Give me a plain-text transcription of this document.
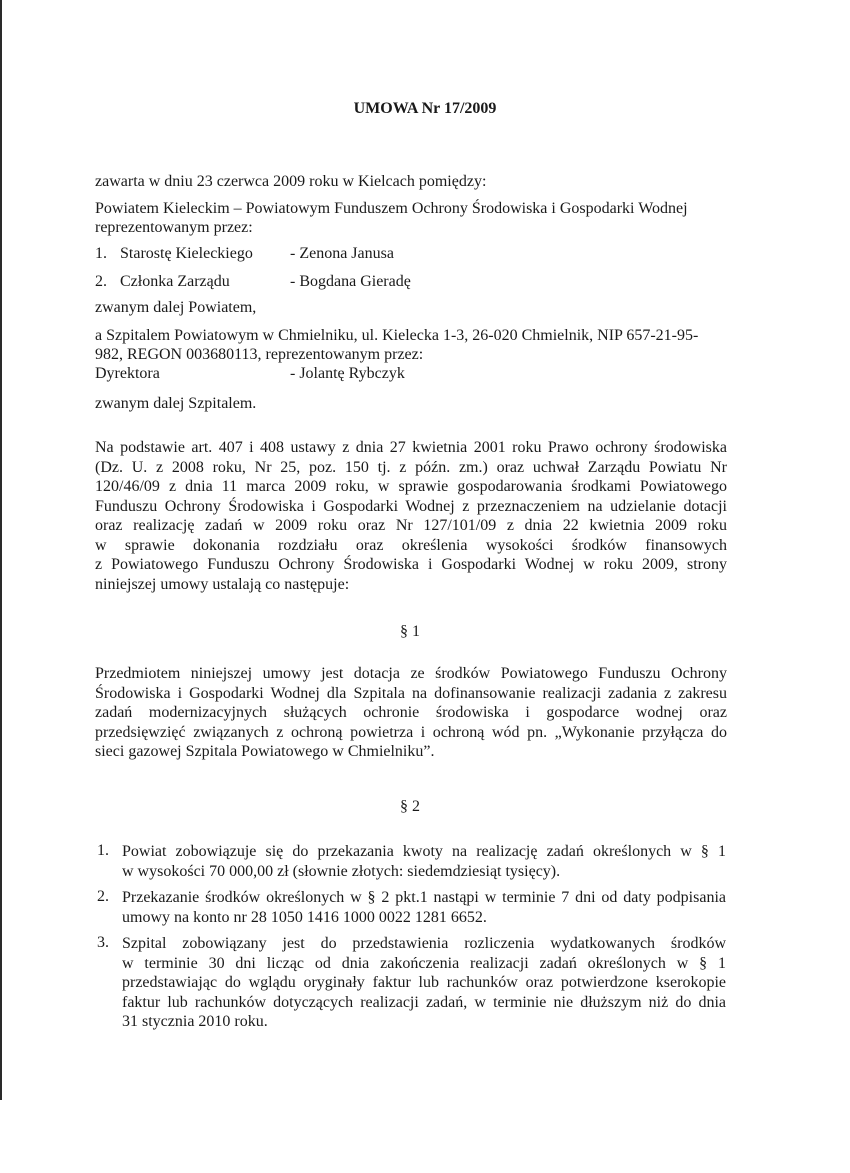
UMOWA Nr 17/2009
zawarta w dniu 23 czerwca 2009 roku w Kielcach pomiędzy:
Powiatem Kieleckim – Powiatowym Funduszem Ochrony Środowiska i Gospodarki Wodnej
reprezentowanym przez:
1. Starostę Kieleckiego - Zenona Janusa
2. Członka Zarządu	- Bogdana Gieradę
zwanym dalej Powiatem,
a Szpitalem Powiatowym w Chmielniku, ul. Kielecka 1-3, 26-020 Chmielnik, NIP 657-21-95-
982, REGON 003680113, reprezentowanym przez:
Dyrektora	- Jolantę Rybczyk
zwanym dalej Szpitalem.
Na podstawie art. 407 i 408 ustawy z dnia 27 kwietnia 2001 roku Prawo ochrony środowiska
(Dz. U. z 2008 roku, Nr 25, poz. 150 tj. z późn. zm.) oraz uchwał Zarządu Powiatu Nr
120/46/09 z dnia 11 marca 2009 roku, w sprawie gospodarowania środkami Powiatowego
Funduszu Ochrony Środowiska i Gospodarki Wodnej z przeznaczeniem na udzielanie dotacji
oraz realizację zadań w 2009 roku oraz Nr 127/101/09 z dnia 22 kwietnia 2009 roku
w sprawie dokonania rozdziału oraz określenia wysokości środków finansowych
z Powiatowego Funduszu Ochrony Środowiska i Gospodarki Wodnej w roku 2009, strony
niniejszej umowy ustalają co następuje:
§ 1
Przedmiotem niniejszej umowy jest dotacja ze środków Powiatowego Funduszu Ochrony
Środowiska i Gospodarki Wodnej dla Szpitala na dofinansowanie realizacji zadania z zakresu
zadań modernizacyjnych służących ochronie środowiska i gospodarce wodnej oraz
przedsięwzięć związanych z ochroną powietrza i ochroną wód pn. „Wykonanie przyłącza do
sieci gazowej Szpitala Powiatowego w Chmielniku”.
§ 2
1. Powiat zobowiązuje się do przekazania kwoty na realizację zadań określonych w § 1
w wysokości 70 000,00 zł (słownie złotych: siedemdziesiąt tysięcy).
2. Przekazanie środków określonych w § 2 pkt.1 nastąpi w terminie 7 dni od daty podpisania
umowy na konto nr 28 1050 1416 1000 0022 1281 6652.
3. Szpital zobowiązany jest do przedstawienia rozliczenia wydatkowanych środków
w terminie 30 dni licząc od dnia zakończenia realizacji zadań określonych w § 1
przedstawiając do wglądu oryginały faktur lub rachunków oraz potwierdzone kserokopie
faktur lub rachunków dotyczących realizacji zadań, w terminie nie dłuższym niż do dnia
31 stycznia 2010 roku.
